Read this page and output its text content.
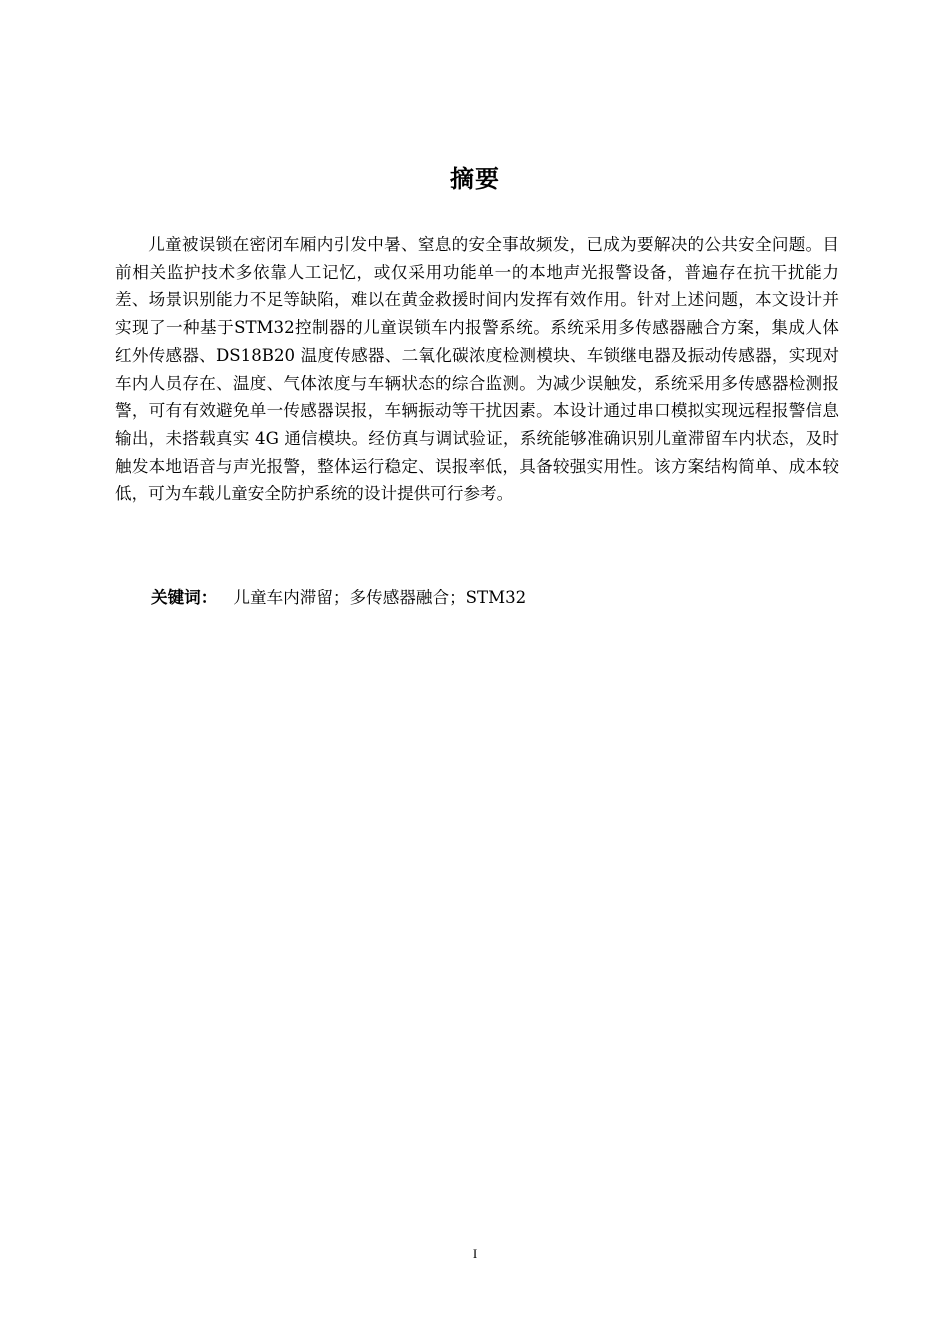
摘要

儿童被误锁在密闭车厢内引发中暑、窒息的安全事故频发，已成为要解决的公共安全问题。目前相关监护技术多依靠人工记忆，或仅采用功能单一的本地声光报警设备，普遍存在抗干扰能力差、场景识别能力不足等缺陷，难以在黄金救援时间内发挥有效作用。针对上述问题，本文设计并实现了一种基于STM32控制器的儿童误锁车内报警系统。系统采用多传感器融合方案，集成人体红外传感器、DS18B20 温度传感器、二氧化碳浓度检测模块、车锁继电器及振动传感器，实现对车内人员存在、温度、气体浓度与车辆状态的综合监测。为减少误触发，系统采用多传感器检测报警，可有有效避免单一传感器误报，车辆振动等干扰因素。本设计通过串口模拟实现远程报警信息输出，未搭载真实 4G 通信模块。经仿真与调试验证，系统能够准确识别儿童滞留车内状态，及时触发本地语音与声光报警，整体运行稳定、误报率低，具备较强实用性。该方案结构简单、成本较低，可为车载儿童安全防护系统的设计提供可行参考。

关键词： 儿童车内滞留；多传感器融合；STM32

I
